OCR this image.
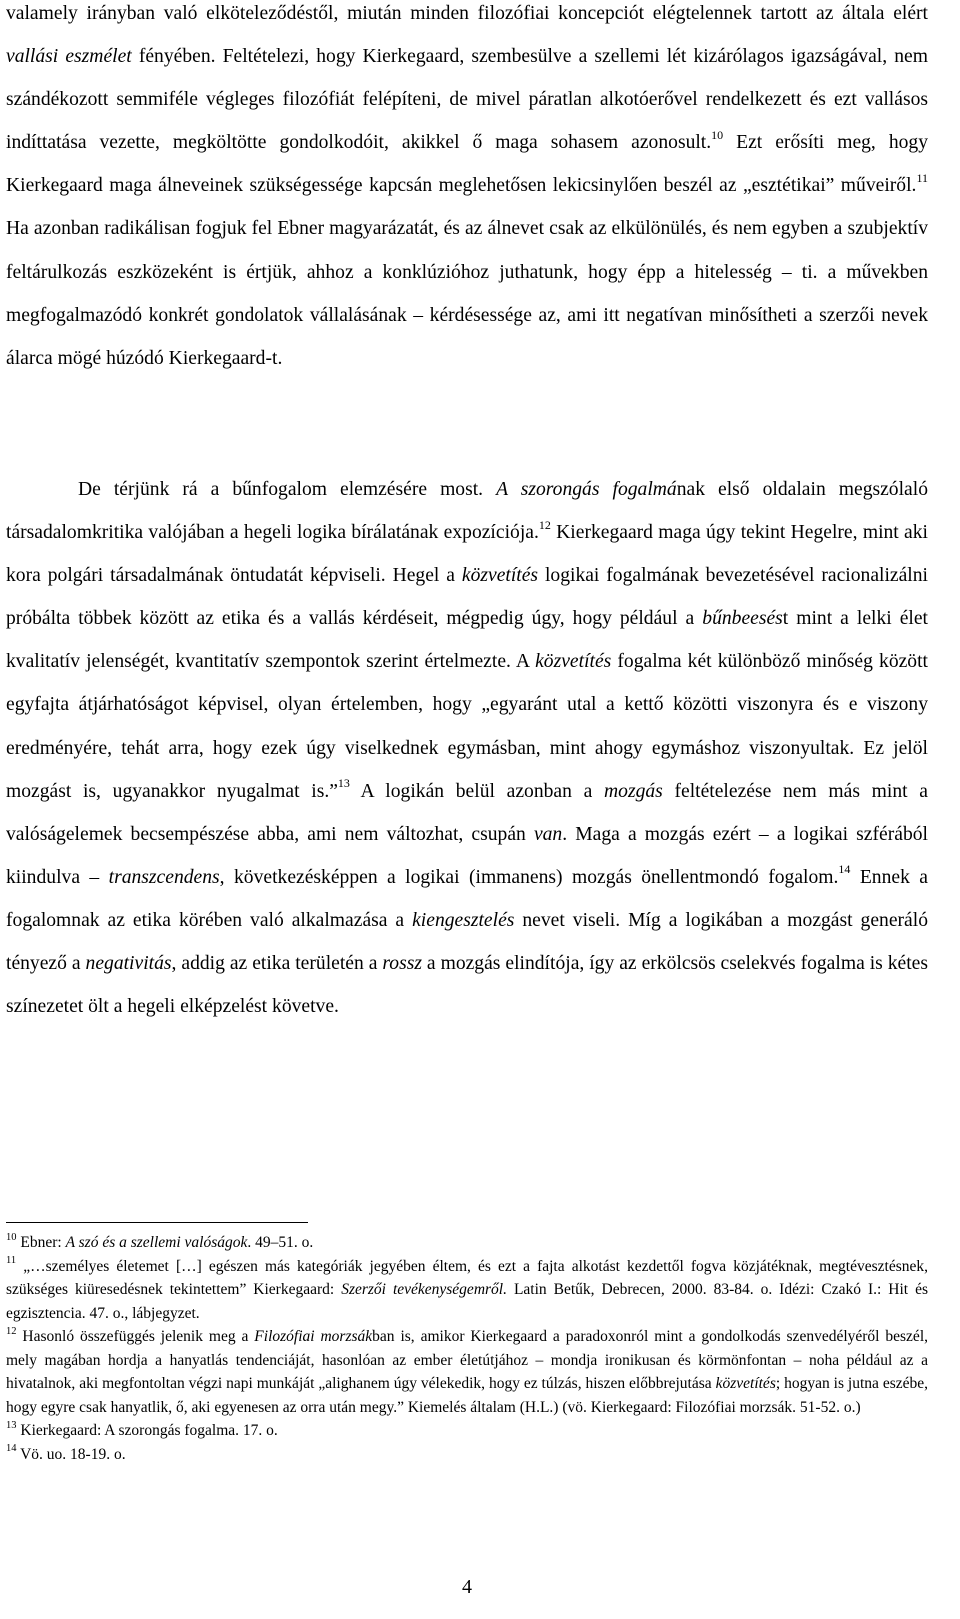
valamely irányban való elköteleződéstől, miután minden filozófiai koncepciót elégtelennek tartott az általa elért vallási eszmélet fényében. Feltételezi, hogy Kierkegaard, szembesülve a szellemi lét kizárólagos igazságával, nem szándékozott semmiféle végleges filozófiát felépíteni, de mivel páratlan alkotóerővel rendelkezett és ezt vallásos indíttatása vezette, megköltötte gondolkodóit, akikkel ő maga sohasem azonosult.$^{10}$ Ezt erősíti meg, hogy Kierkegaard maga álneveinek szükségessége kapcsán meglehetősen lekicsinylően beszél az „esztétikai” műveiről.$^{11}$ Ha azonban radikálisan fogjuk fel Ebner magyarázatát, és az álnevet csak az elkülönülés, és nem egyben a szubjektív feltárulkozás eszközeként is értjük, ahhoz a konklúzióhoz juthatunk, hogy épp a hitelesség – ti. a művekben megfogalmazódó konkrét gondolatok vállalásának – kérdésessége az, ami itt negatívan minősítheti a szerzői nevek álarca mögé húzódó Kierkegaard-t.

De térjünk rá a bűnfogalom elemzésére most. A szorongás fogalmának első oldalain megszólaló társadalomkritika valójában a hegeli logika bírálatának expozíciója.$^{12}$ Kierkegaard maga úgy tekint Hegelre, mint aki kora polgári társadalmának öntudatát képviseli. Hegel a közvetítés logikai fogalmának bevezetésével racionalizálni próbálta többek között az etika és a vallás kérdéseit, mégpedig úgy, hogy például a bűnbeesést mint a lelki élet kvalitatív jelenségét, kvantitatív szempontok szerint értelmezte. A közvetítés fogalma két különböző minőség között egyfajta átjárhatóságot képvisel, olyan értelemben, hogy „egyaránt utal a kettő közötti viszonyra és e viszony eredményére, tehát arra, hogy ezek úgy viselkednek egymásban, mint ahogy egymáshoz viszonyultak. Ez jelöl mozgást is, ugyanakkor nyugalmat is.”$^{13}$ A logikán belül azonban a mozgás feltételezése nem más mint a valóságelemek becsempészése abba, ami nem változhat, csupán van. Maga a mozgás ezért – a logikai szférából kiindulva – transzcendens, következésképpen a logikai (immanens) mozgás önellentmondó fogalom.$^{14}$ Ennek a fogalomnak az etika körében való alkalmazása a kiengesztelés nevet viseli. Míg a logikában a mozgást generáló tényező a negativitás, addig az etika területén a rossz a mozgás elindítója, így az erkölcsös cselekvés fogalma is kétes színezetet ölt a hegeli elképzelést követve.

$^{10}$ Ebner: A szó és a szellemi valóságok. 49–51. o.

$^{11}$ „…személyes életemet […] egészen más kategóriák jegyében éltem, és ezt a fajta alkotást kezdettől fogva közjátéknak, megtévesztésnek, szükséges kiüresedésnek tekintettem” Kierkegaard: Szerzői tevékenységemről. Latin Betűk, Debrecen, 2000. 83-84. o. Idézi: Czakó I.: Hit és egzisztencia. 47. o., lábjegyzet.

$^{12}$ Hasonló összefüggés jelenik meg a Filozófiai morzsákban is, amikor Kierkegaard a paradoxonról mint a gondolkodás szenvedélyéről beszél, mely magában hordja a hanyatlás tendenciáját, hasonlóan az ember életútjához – mondja ironikusan és körmönfontan – noha például az a hivatalnok, aki megfontoltan végzi napi munkáját „alighanem úgy vélekedik, hogy ez túlzás, hiszen előbbrejutása közvetítés; hogyan is jutna eszébe, hogy egyre csak hanyatlik, ő, aki egyenesen az orra után megy.” Kiemelés általam (H.L.) (vö. Kierkegaard: Filozófiai morzsák. 51-52. o.)

$^{13}$ Kierkegaard: A szorongás fogalma. 17. o.

$^{14}$ Vö. uo. 18-19. o.

4
